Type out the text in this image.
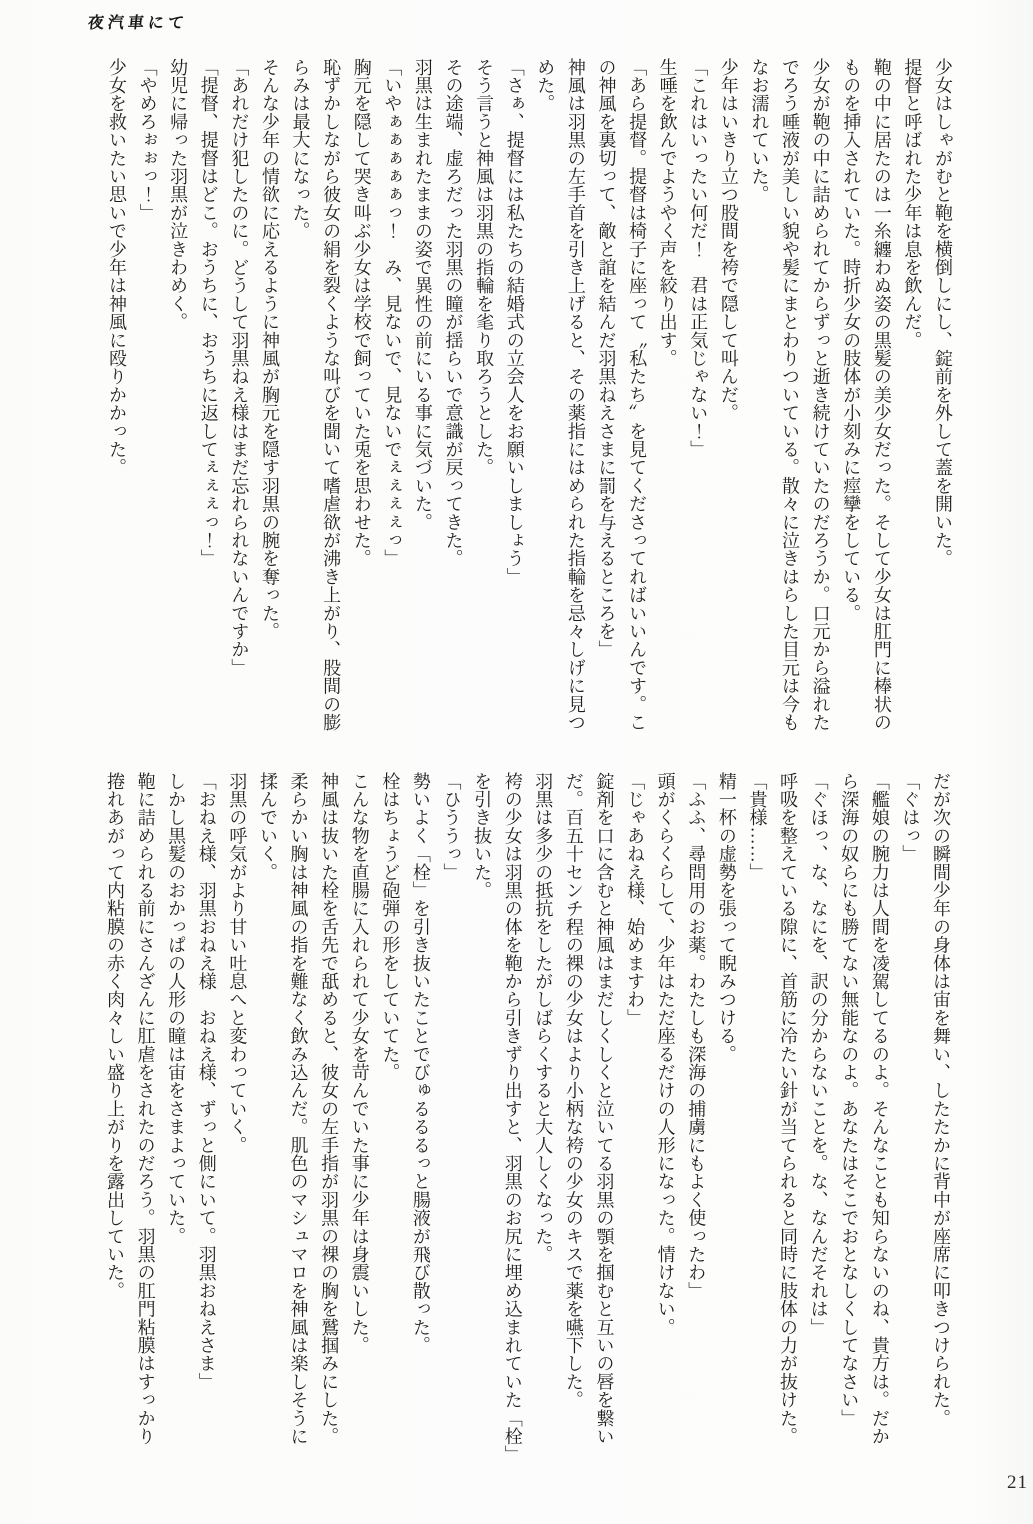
夜汽車にて

少女はしゃがむと鞄を横倒しにし、錠前を外して蓋を開いた。

提督と呼ばれた少年は息を飲んだ。

鞄の中に居たのは一糸纏わぬ姿の黒髪の美少女だった。そして少女は肛門に棒状のものを挿入されていた。時折少女の肢体が小刻みに痙攣をしている。

少女が鞄の中に詰められてからずっと逝き続けていたのだろうか。口元から溢れたでろう唾液が美しい貌や髪にまとわりついている。散々に泣きはらした目元は今もなお濡れていた。

少年はいきり立つ股間を袴で隠して叫んだ。

「これはいったい何だ！　君は正気じゃない！」

生唾を飲んでようやく声を絞り出す。

「あら提督。提督は椅子に座って〝私たち〟を見てくださってればいいんです。この神風を裏切って、敵と誼を結んだ羽黒ねえさまに罰を与えるところを」

神風は羽黒の左手首を引き上げると、その薬指にはめられた指輪を忌々しげに見つめた。

「さぁ、提督には私たちの結婚式の立会人をお願いしましょう」

そう言うと神風は羽黒の指輪を毟り取ろうとした。

その途端、虚ろだった羽黒の瞳が揺らいで意識が戻ってきた。

羽黒は生まれたままの姿で異性の前にいる事に気づいた。

「いやぁぁぁぁぁっ！　み、見ないで、見ないでぇぇぇぇっ」

胸元を隠して哭き叫ぶ少女は学校で飼っていた兎を思わせた。

恥ずかしながら彼女の絹を裂くような叫びを聞いて嗜虐欲が沸き上がり、股間の膨らみは最大になった。

そんな少年の情欲に応えるように神風が胸元を隠す羽黒の腕を奪った。

「あれだけ犯したのに。どうして羽黒ねえ様はまだ忘れられないんですか」

「提督、提督はどこ。おうちに、おうちに返してぇぇぇっ！」

幼児に帰った羽黒が泣きわめく。

「やめろぉぉっ！」

少女を救いたい思いで少年は神風に殴りかかった。

だが次の瞬間少年の身体は宙を舞い、したたかに背中が座席に叩きつけられた。

「ぐはっ」

「艦娘の腕力は人間を凌駕してるのよ。そんなことも知らないのね、貴方は。だから深海の奴らにも勝てない無能なのよ。あなたはそこでおとなしくしてなさい」

「ぐほっ、な、なにを、訳の分からないことを。な、なんだそれは」

呼吸を整えている隙に、首筋に冷たい針が当てられると同時に肢体の力が抜けた。

「貴様……」

精一杯の虚勢を張って睨みつける。

「ふふ、尋問用のお薬。わたしも深海の捕虜にもよく使ったわ」

頭がくらくらして、少年はただ座るだけの人形になった。情けない。

「じゃあねえ様、始めますわ」

錠剤を口に含むと神風はまだしくしくと泣いてる羽黒の顎を掴むと互いの唇を繋いだ。百五十センチ程の裸の少女はより小柄な袴の少女のキスで薬を嚥下した。

羽黒は多少の抵抗をしたがしばらくすると大人しくなった。

袴の少女は羽黒の体を鞄から引きずり出すと、羽黒のお尻に埋め込まれていた「栓」を引き抜いた。

「ひううっ」

勢いよく「栓」を引き抜いたことでびゅるるるっと腸液が飛び散った。

栓はちょうど砲弾の形をしていてた。

こんな物を直腸に入れられて少女を苛んでいた事に少年は身震いした。

神風は抜いた栓を舌先で舐めると、彼女の左手指が羽黒の裸の胸を鷲掴みにした。柔らかい胸は神風の指を難なく飲み込んだ。肌色のマシュマロを神風は楽しそうに揉んでいく。

羽黒の呼気がより甘い吐息へと変わっていく。

「おねえ様、羽黒おねえ様　おねえ様、ずっと側にいて。羽黒おねえさま」

しかし黒髪のおかっぱの人形の瞳は宙をさまよっていた。

鞄に詰められる前にさんざんに肛虐をされたのだろう。羽黒の肛門粘膜はすっかり捲れあがって内粘膜の赤く肉々しい盛り上がりを露出していた。

21
